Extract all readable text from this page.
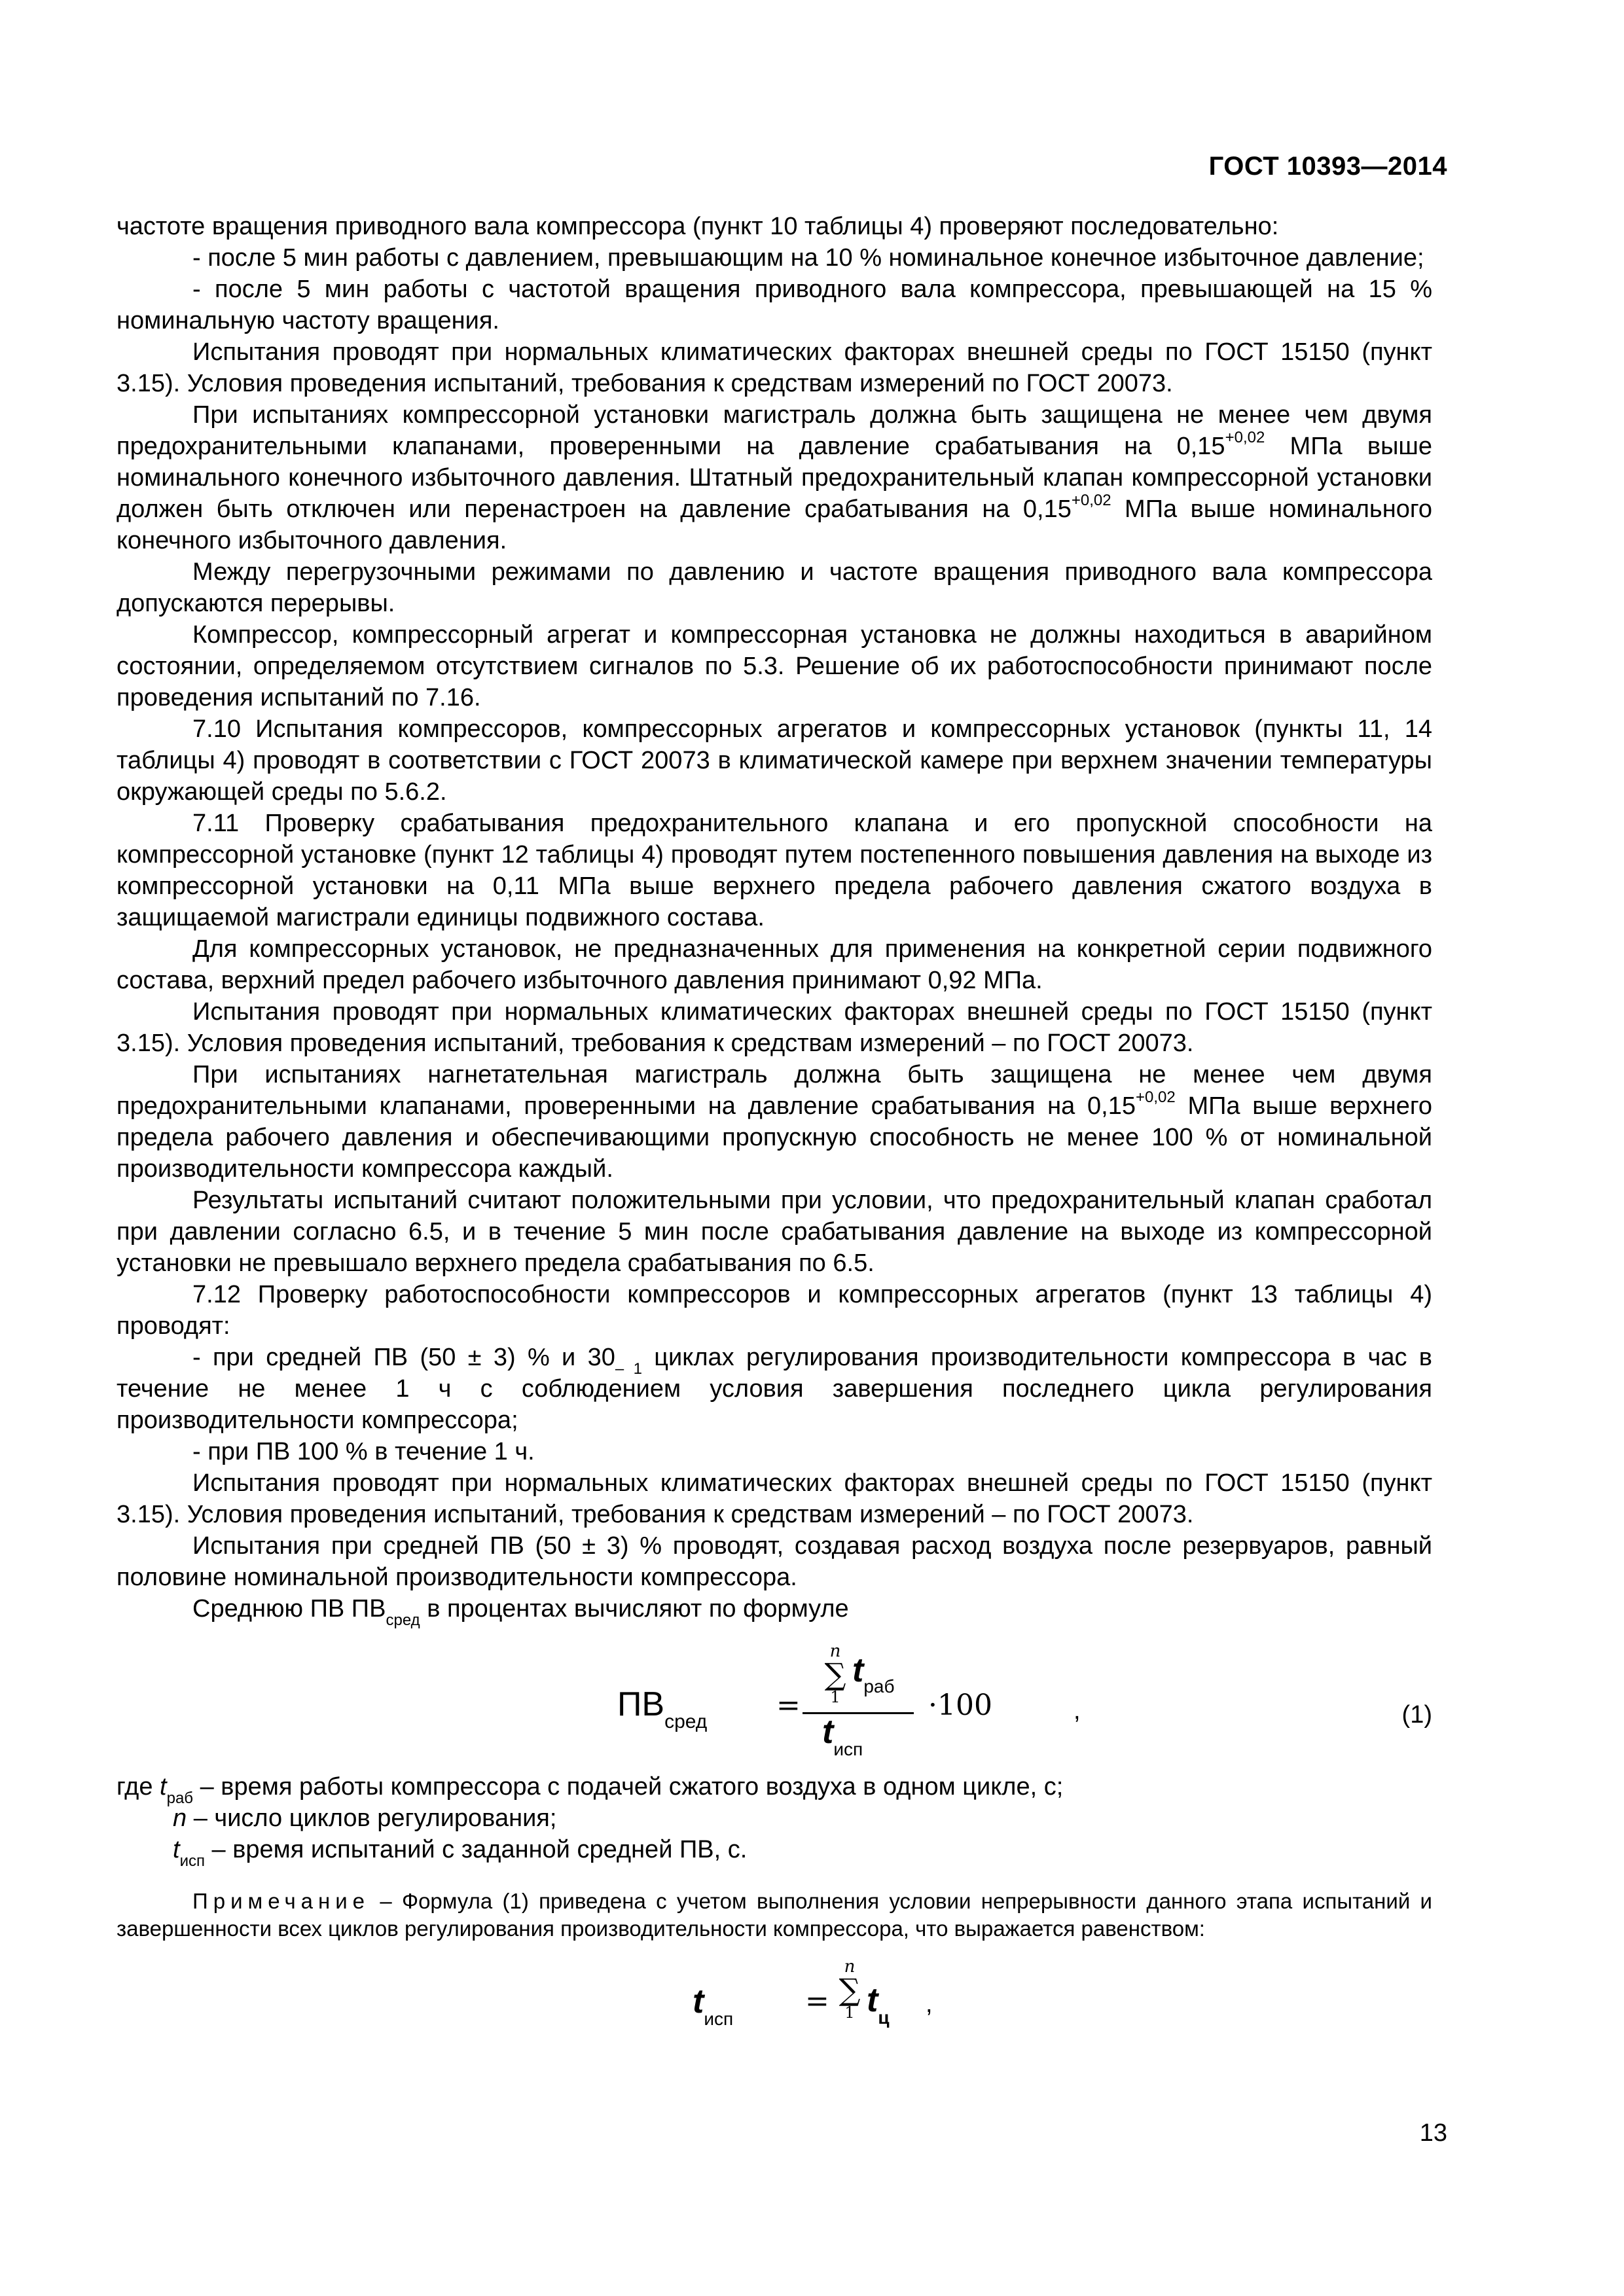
ГОСТ 10393—2014

частоте вращения приводного вала компрессора (пункт 10 таблицы 4) проверяют последовательно:

- после 5 мин работы с давлением, превышающим на 10 % номинальное конечное избыточное давление;

- после 5 мин работы с частотой вращения приводного вала компрессора, превышающей на 15 % номинальную частоту вращения.

Испытания проводят при нормальных климатических факторах внешней среды по ГОСТ 15150 (пункт 3.15). Условия проведения испытаний, требования к средствам измерений по ГОСТ 20073.

При испытаниях компрессорной установки магистраль должна быть защищена не менее чем двумя предохранительными клапанами, проверенными на давление срабатывания на $0,15^{+0,02}$ МПа выше номинального конечного избыточного давления. Штатный предохранительный клапан компрессорной установки должен быть отключен или перенастроен на давление срабатывания на $0,15^{+0,02}$ МПа выше номинального конечного избыточного давления.

Между перегрузочными режимами по давлению и частоте вращения приводного вала компрессора допускаются перерывы.

Компрессор, компрессорный агрегат и компрессорная установка не должны находиться в аварийном состоянии, определяемом отсутствием сигналов по 5.3. Решение об их работоспособности принимают после проведения испытаний по 7.16.

7.10 Испытания компрессоров, компрессорных агрегатов и компрессорных установок (пункты 11, 14 таблицы 4) проводят в соответствии с ГОСТ 20073 в климатической камере при верхнем значении температуры окружающей среды по 5.6.2.

7.11 Проверку срабатывания предохранительного клапана и его пропускной способности на компрессорной установке (пункт 12 таблицы 4) проводят путем постепенного повышения давления на выходе из компрессорной установки на 0,11 МПа выше верхнего предела рабочего давления сжатого воздуха в защищаемой магистрали единицы подвижного состава.

Для компрессорных установок, не предназначенных для применения на конкретной серии подвижного состава, верхний предел рабочего избыточного давления принимают 0,92 МПа.

Испытания проводят при нормальных климатических факторах внешней среды по ГОСТ 15150 (пункт 3.15). Условия проведения испытаний, требования к средствам измерений – по ГОСТ 20073.

При испытаниях нагнетательная магистраль должна быть защищена не менее чем двумя предохранительными клапанами, проверенными на давление срабатывания на $0,15^{+0,02}$ МПа выше верхнего предела рабочего давления и обеспечивающими пропускную способность не менее 100 % от номинальной производительности компрессора каждый.

Результаты испытаний считают положительными при условии, что предохранительный клапан сработал при давлении согласно 6.5, и в течение 5 мин после срабатывания давление на выходе из компрессорной установки не превышало верхнего предела срабатывания по 6.5.

7.12 Проверку работоспособности компрессоров и компрессорных агрегатов (пункт 13 таблицы 4) проводят:

- при средней ПВ (50 ± 3) % и $30_{- 1}$ циклах регулирования производительности компрессора в час в течение не менее 1 ч с соблюдением условия завершения последнего цикла регулирования производительности компрессора;

- при ПВ 100 % в течение 1 ч.

Испытания проводят при нормальных климатических факторах внешней среды по ГОСТ 15150 (пункт 3.15). Условия проведения испытаний, требования к средствам измерений – по ГОСТ 20073.

Испытания при средней ПВ (50 ± 3) % проводят, создавая расход воздуха после резервуаров, равный половине номинальной производительности компрессора.

Среднюю ПВ $ПВ_{сред}$ в процентах вычисляют по формуле

$ПВ_{сред}$ =
n
∑
1
$t_{раб}$
$t_{исп}$
·100	,	(1)

где $t_{раб}$ – время работы компрессора с подачей сжатого воздуха в одном цикле, с;

n – число циклов регулирования;

$t_{исп}$ – время испытаний с заданной средней ПВ, с.

Примечание – Формула (1) приведена с учетом выполнения условии непрерывности данного этапа испытаний и завершенности всех циклов регулирования производительности компрессора, что выражается равенством:

$t_{исп}$
=
n
∑
1 $t_ц$ ,
13
